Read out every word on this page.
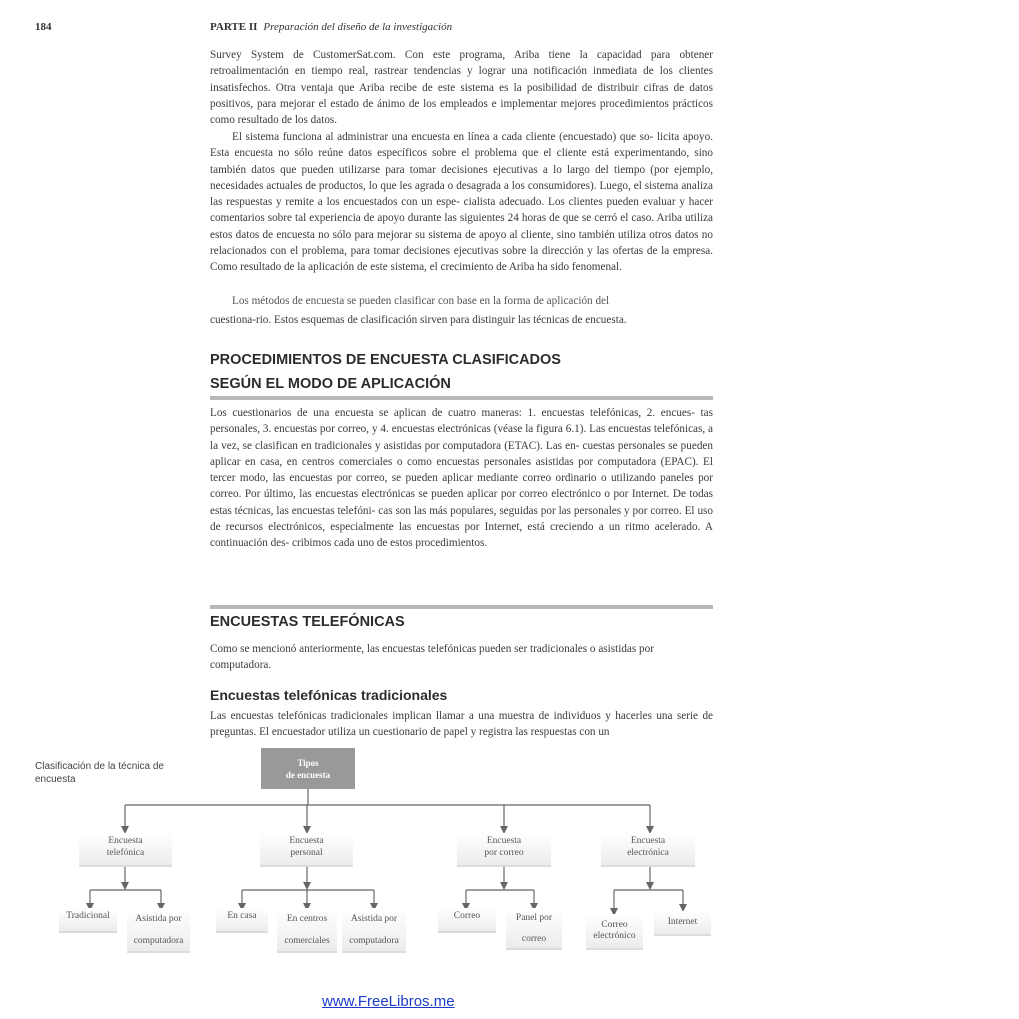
184	PARTE II Preparación del diseño de la investigación

Survey System de CustomerSat.com. Con este programa, Ariba tiene la capacidad para obtener retroalimentación en tiempo real, rastrear tendencias y lograr una notificación inmediata de los clientes insatisfechos. Otra ventaja que Ariba recibe de este sistema es la posibilidad de distribuir cifras de datos positivos, para mejorar el estado de ánimo de los empleados e implementar mejores procedimientos prácticos como resultado de los datos.

El sistema funciona al administrar una encuesta en línea a cada cliente (encuestado) que so- licita apoyo. Esta encuesta no sólo reúne datos específicos sobre el problema que el cliente está experimentando, sino también datos que pueden utilizarse para tomar decisiones ejecutivas a lo largo del tiempo (por ejemplo, necesidades actuales de productos, lo que les agrada o desagrada a los consumidores). Luego, el sistema analiza las respuestas y remite a los encuestados con un espe- cialista adecuado. Los clientes pueden evaluar y hacer comentarios sobre tal experiencia de apoyo durante las siguientes 24 horas de que se cerró el caso. Ariba utiliza estos datos de encuesta no sólo para mejorar su sistema de apoyo al cliente, sino también utiliza otros datos no relacionados con el problema, para tomar decisiones ejecutivas sobre la dirección y las ofertas de la empresa. Como resultado de la aplicación de este sistema, el crecimiento de Ariba ha sido fenomenal.

Los métodos de encuesta se pueden clasificar con base en la forma de aplicación del

cuestiona-rio. Estos esquemas de clasificación sirven para distinguir las técnicas de encuesta.

PROCEDIMIENTOS DE ENCUESTA CLASIFICADOS
SEGÚN EL MODO DE APLICACIÓN

Los cuestionarios de una encuesta se aplican de cuatro maneras: 1. encuestas telefónicas, 2. encues- tas personales, 3. encuestas por correo, y 4. encuestas electrónicas (véase la figura 6.1). Las encuestas telefónicas, a la vez, se clasifican en tradicionales y asistidas por computadora (ETAC). Las en- cuestas personales se pueden aplicar en casa, en centros comerciales o como encuestas personales asistidas por computadora (EPAC). El tercer modo, las encuestas por correo, se pueden aplicar mediante correo ordinario o utilizando paneles por correo. Por último, las encuestas electrónicas se pueden aplicar por correo electrónico o por Internet. De todas estas técnicas, las encuestas telefóni- cas son las más populares, seguidas por las personales y por correo. El uso de recursos electrónicos, especialmente las encuestas por Internet, está creciendo a un ritmo acelerado. A continuación des- cribimos cada uno de estos procedimientos.

ENCUESTAS TELEFÓNICAS

Como se mencionó anteriormente, las encuestas telefónicas pueden ser tradicionales o asistidas por computadora.

Encuestas telefónicas tradicionales

Las encuestas telefónicas tradicionales implican llamar a una muestra de individuos y hacerles una serie de preguntas. El encuestador utiliza un cuestionario de papel y registra las respuestas con un

Clasificación de la técnica de encuesta
Tipos
de encuesta
Encuesta
telefónica
Encuesta
personal
Encuesta
por correo
Encuesta
electrónica
Tradicional	Asistida por
computadora
En casa	En centros
comerciales
Asistida por
computadora
Correo	Panel por
correo
Correo
electrónico
Internet
www.FreeLibros.me
